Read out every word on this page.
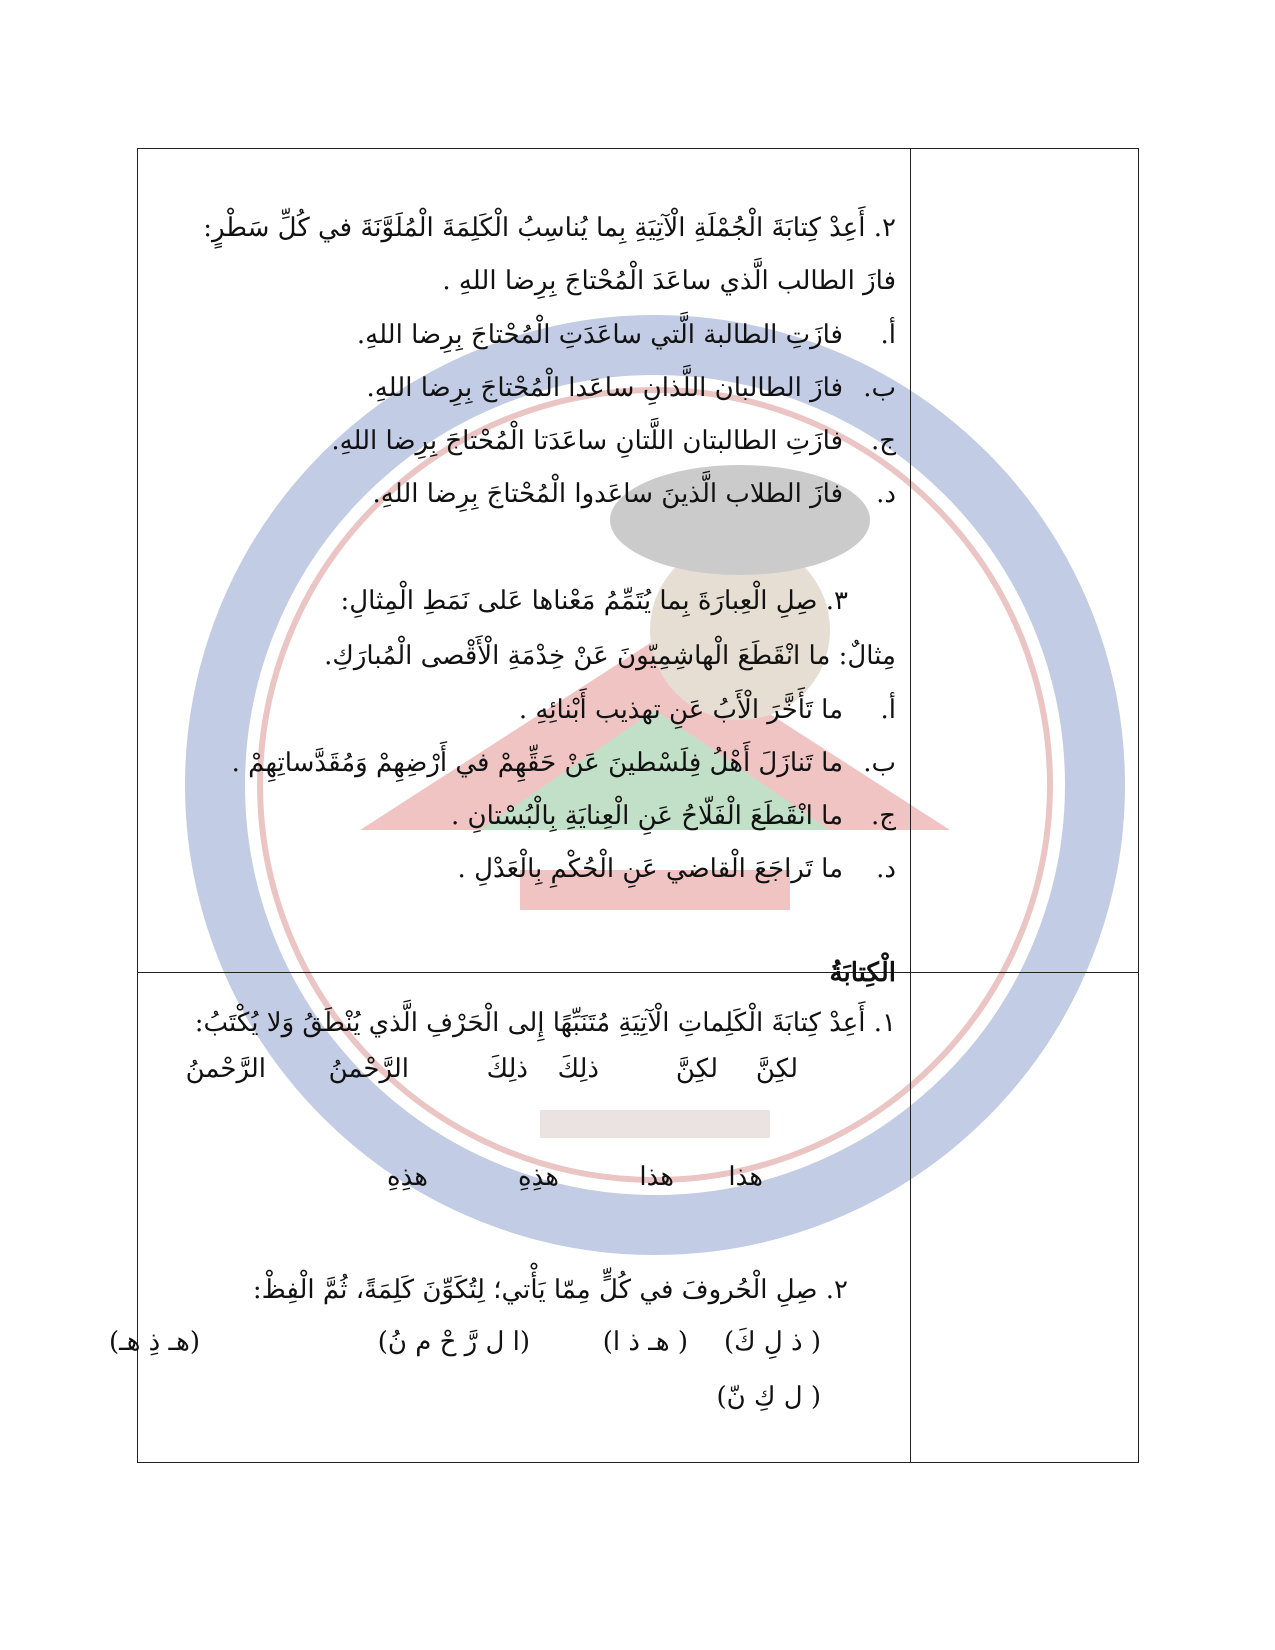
٢. أَعِدْ كِتابَةَ الْجُمْلَةِ الْآتِيَةِ بِما يُناسِبُ الْكَلِمَةَ الْمُلَوَّنَةَ في كُلِّ سَطْرٍ:
فازَ الطالب الَّذي ساعَدَ الْمُحْتاجَ بِرِضا اللهِ .
أ.
فازَتِ الطالبة الَّتي ساعَدَتِ الْمُحْتاجَ بِرِضا اللهِ.
ب.
فازَ الطالبان اللَّذانِ ساعَدا الْمُحْتاجَ بِرِضا اللهِ.
ج.
فازَتِ الطالبتان اللَّتانِ ساعَدَتا الْمُحْتاجَ بِرِضا اللهِ.
د.
فازَ الطلاب الَّذينَ ساعَدوا الْمُحْتاجَ بِرِضا اللهِ.
٣. صِلِ الْعِبارَةَ بِما يُتَمِّمُ مَعْناها عَلى نَمَطِ الْمِثالِ:
مِثالٌ: ما انْقَطَعَ الْهاشِمِيّونَ عَنْ خِدْمَةِ الْأَقْصى الْمُبارَكِ.
أ.
ما تَأَخَّرَ الْأَبُ عَنِ تهذيب أَبْنائِهِ .
ب.
ما تَنازَلَ أَهْلُ فِلَسْطينَ عَنْ حَقِّهِمْ في أَرْضِهِمْ وَمُقَدَّساتِهِمْ .
ج.
ما انْقَطَعَ الْفَلّاحُ عَنِ الْعِنايَةِ بِالْبُسْتانِ .
د.
ما تَراجَعَ الْقاضي عَنِ الْحُكْمِ بِالْعَدْلِ .
الْكِتابَةُ
١. أَعِدْ كِتابَةَ الْكَلِماتِ الْآتِيَةِ مُتَنَبِّهًا إِلى الْحَرْفِ الَّذي يُنْطَقُ وَلا يُكْتَبُ:
لكِنَّ
لكِنَّ
ذلِكَ
ذلِكَ
الرَّحْمنُ
الرَّحْمنُ
هذا
هذا
هذِهِ
هذِهِ
٢. صِلِ الْحُروفَ في كُلٍّ مِمّا يَأْتي؛ لِتُكَوِّنَ كَلِمَةً، ثُمَّ الْفِظْ:
( ذ لِ كَ)
( هـ ذ ا)
(ا ل رَّ حْ م نُ)
(هـ ذِ هـ)
( ل كِ نّ)
